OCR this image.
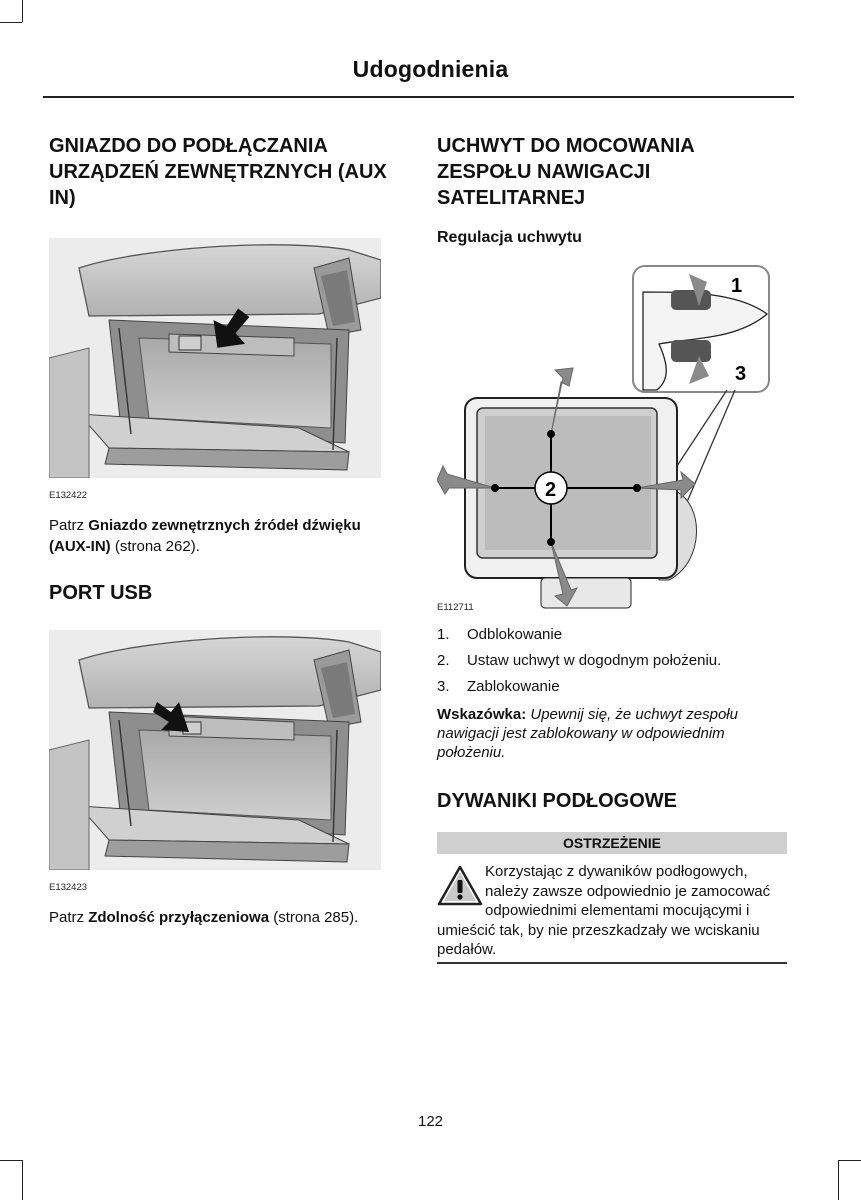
Udogodnienia
GNIAZDO DO PODŁĄCZANIA URZĄDZEŃ ZEWNĘTRZNYCH (AUX IN)
E132422

Patrz Gniazdo zewnętrznych źródeł dźwięku (AUX-IN) (strona 262).

PORT USB
E132423

Patrz Zdolność przyłączeniowa (strona 285).

UCHWYT DO MOCOWANIA ZESPOŁU NAWIGACJI SATELITARNEJ
Regulacja uchwytu
1
3
2
E112711
1. Odblokowanie
2. Ustaw uchwyt w dogodnym położeniu.
3. Zablokowanie

Wskazówka: Upewnij się, że uchwyt zespołu nawigacji jest zablokowany w odpowiednim położeniu.

DYWANIKI PODŁOGOWE
OSTRZEŻENIE
Korzystając z dywaników podłogowych, należy zawsze odpowiednio je zamocować odpowiednimi elementami mocującymi i umieścić tak, by nie przeszkadzały we wciskaniu pedałów.
122
